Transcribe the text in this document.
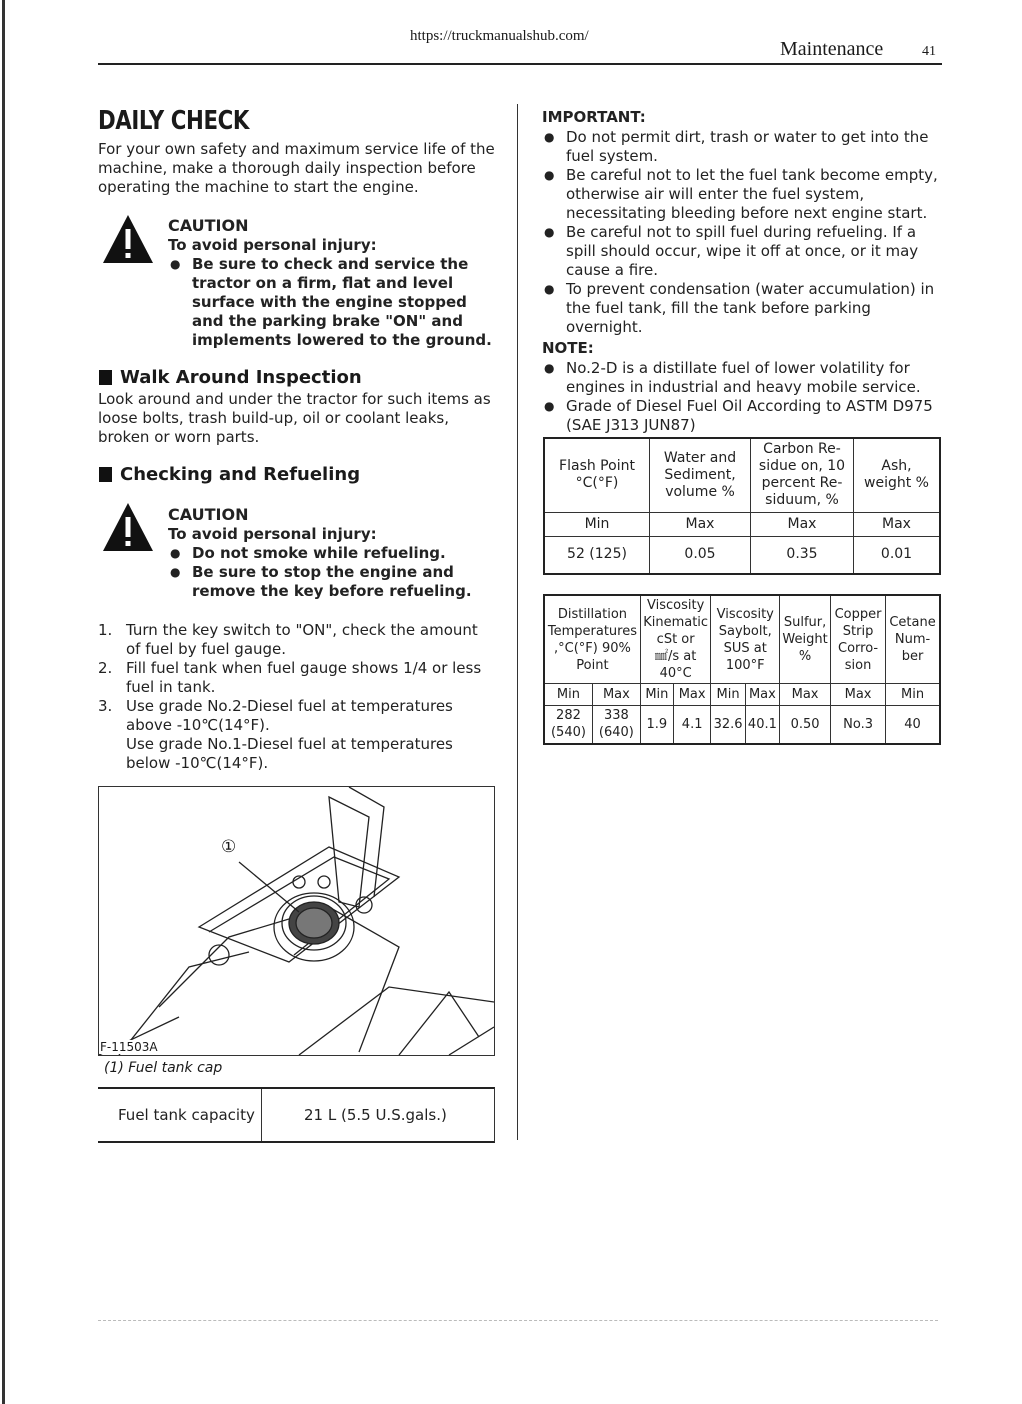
https://truckmanualshub.com/
Maintenance	41
DAILY CHECK
For your own safety and maximum service life of the machine, make a thorough daily inspection before operating the machine to start the engine.
CAUTION
To avoid personal injury:
● Be sure to check and service the tractor on a firm, flat and level surface with the engine stopped and the parking brake "ON" and implements lowered to the ground.
Walk Around Inspection
Look around and under the tractor for such items as loose bolts, trash build-up, oil or coolant leaks, broken or worn parts.
Checking and Refueling
CAUTION
To avoid personal injury:
● Do not smoke while refueling.
● Be sure to stop the engine and remove the key before refueling.
1. Turn the key switch to "ON", check the amount of fuel by fuel gauge.
2. Fill fuel tank when fuel gauge shows 1/4 or less fuel in tank.
3. Use grade No.2-Diesel fuel at temperatures above -10℃(14°F).
Use grade No.1-Diesel fuel at temperatures below -10℃(14°F).
①
F-11503A
(1) Fuel tank cap
Fuel tank capacity	21 L (5.5 U.S.gals.)
IMPORTANT:
● Do not permit dirt, trash or water to get into the fuel system.
● Be careful not to let the fuel tank become empty, otherwise air will enter the fuel system, necessitating bleeding before next engine start.
● Be careful not to spill fuel during refueling. If a spill should occur, wipe it off at once, or it may cause a fire.
● To prevent condensation (water accumulation) in the fuel tank, fill the tank before parking overnight.
NOTE:
● No.2-D is a distillate fuel of lower volatility for engines in industrial and heavy mobile service.
● Grade of Diesel Fuel Oil According to ASTM D975 (SAE J313 JUN87)
Flash Point °C(°F)	Water and Sediment, volume %	Carbon Re-sidue on, 10 percent Re-siduum, %	Ash, weight %
Min	Max	Max	Max
52 (125)	0.05	0.35	0.01
Distillation Temperatures ,°C(°F) 90% Point		Viscosity Kinematic cSt or ㎟/s at 40°C		Viscosity Saybolt, SUS at 100°F		Sulfur, Weight %	Copper Strip Corro-sion	Cetane Num-ber
Min	Max	Min	Max	Min	Max	Max	Max	Min
282 (540)	338 (640)	1.9	4.1	32.6	40.1	0.50	No.3	40
